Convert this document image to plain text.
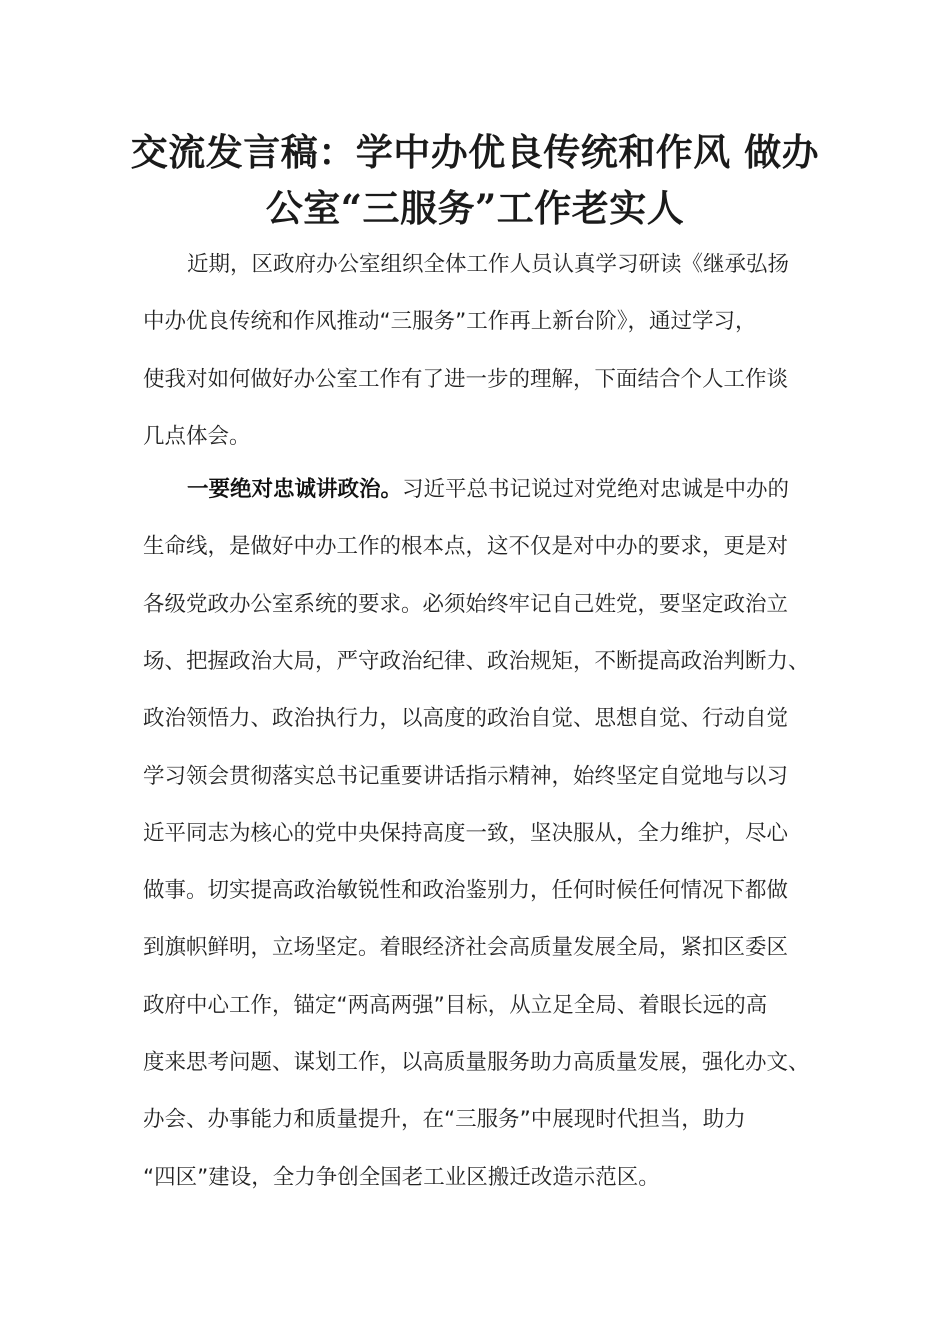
交流发言稿：学中办优良传统和作风 做办
公室“三服务”工作老实人
近期，区政府办公室组织全体工作人员认真学习研读《继承弘扬
中办优良传统和作风推动“三服务”工作再上新台阶》，通过学习，
使我对如何做好办公室工作有了进一步的理解，下面结合个人工作谈
几点体会。
一要绝对忠诚讲政治。习近平总书记说过对党绝对忠诚是中办的
生命线，是做好中办工作的根本点，这不仅是对中办的要求，更是对
各级党政办公室系统的要求。必须始终牢记自己姓党，要坚定政治立
场、把握政治大局，严守政治纪律、政治规矩，不断提高政治判断力、
政治领悟力、政治执行力，以高度的政治自觉、思想自觉、行动自觉
学习领会贯彻落实总书记重要讲话指示精神，始终坚定自觉地与以习
近平同志为核心的党中央保持高度一致，坚决服从，全力维护，尽心
做事。切实提高政治敏锐性和政治鉴别力，任何时候任何情况下都做
到旗帜鲜明，立场坚定。着眼经济社会高质量发展全局，紧扣区委区
政府中心工作，锚定“两高两强”目标，从立足全局、着眼长远的高
度来思考问题、谋划工作，以高质量服务助力高质量发展，强化办文、
办会、办事能力和质量提升，在“三服务”中展现时代担当，助力
“四区”建设，全力争创全国老工业区搬迁改造示范区。
